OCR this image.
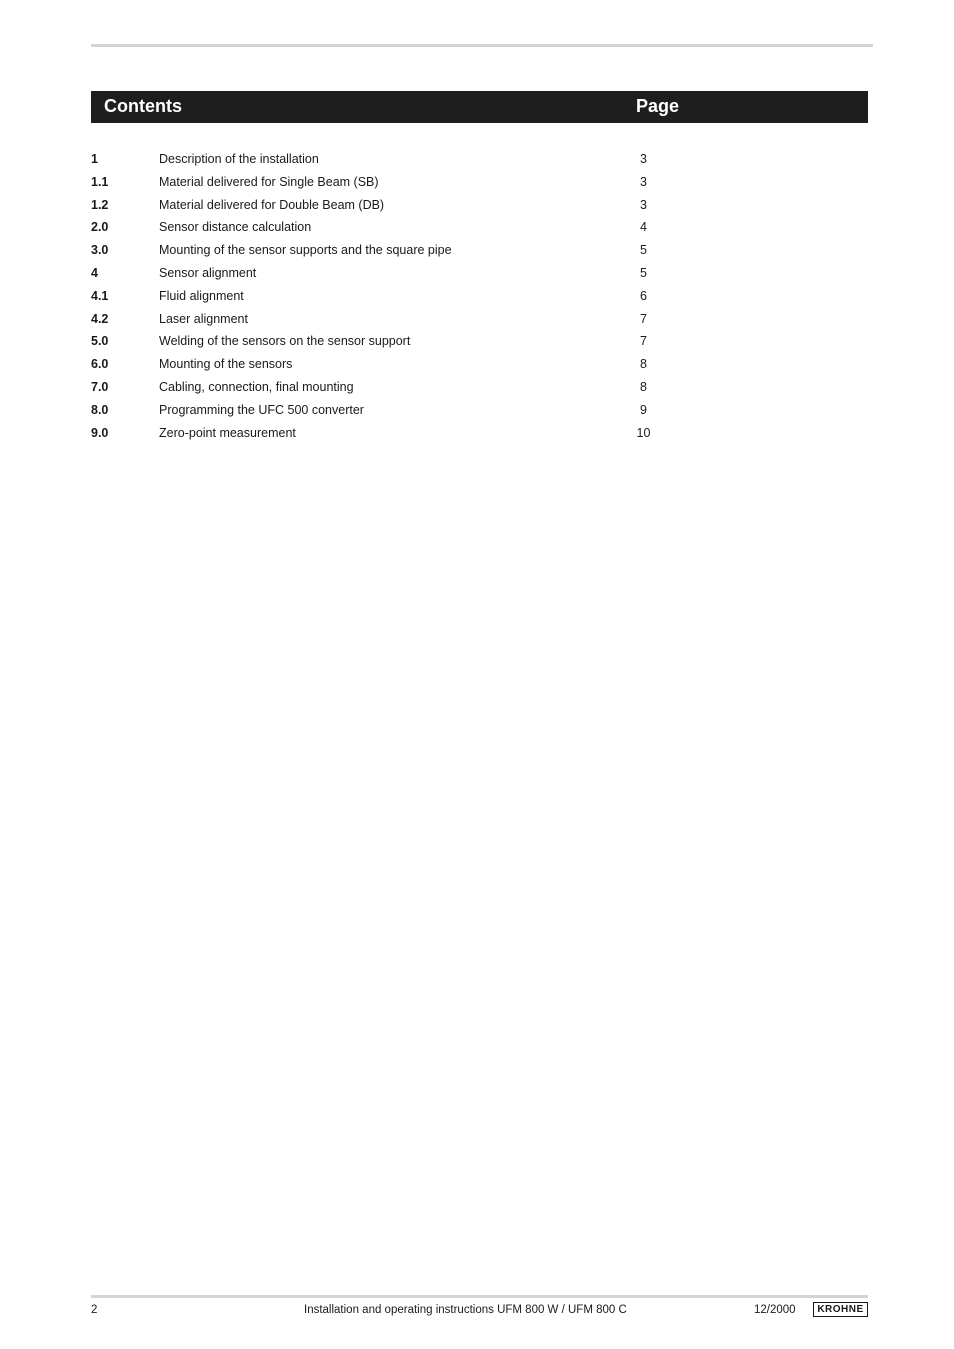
Contents	Page
1	Description of the installation	3
1.1	Material delivered for Single Beam (SB)	3
1.2	Material delivered for Double Beam (DB)	3
2.0	Sensor distance calculation	4
3.0	Mounting of the sensor supports and the square pipe	5
4	Sensor alignment	5
4.1	Fluid alignment	6
4.2	Laser alignment	7
5.0	Welding of the sensors on the sensor support	7
6.0	Mounting of the sensors	8
7.0	Cabling, connection, final mounting	8
8.0	Programming the UFC 500 converter	9
9.0	Zero-point measurement	10
2	Installation and operating instructions UFM 800 W / UFM 800 C	12/2000	KROHNE
